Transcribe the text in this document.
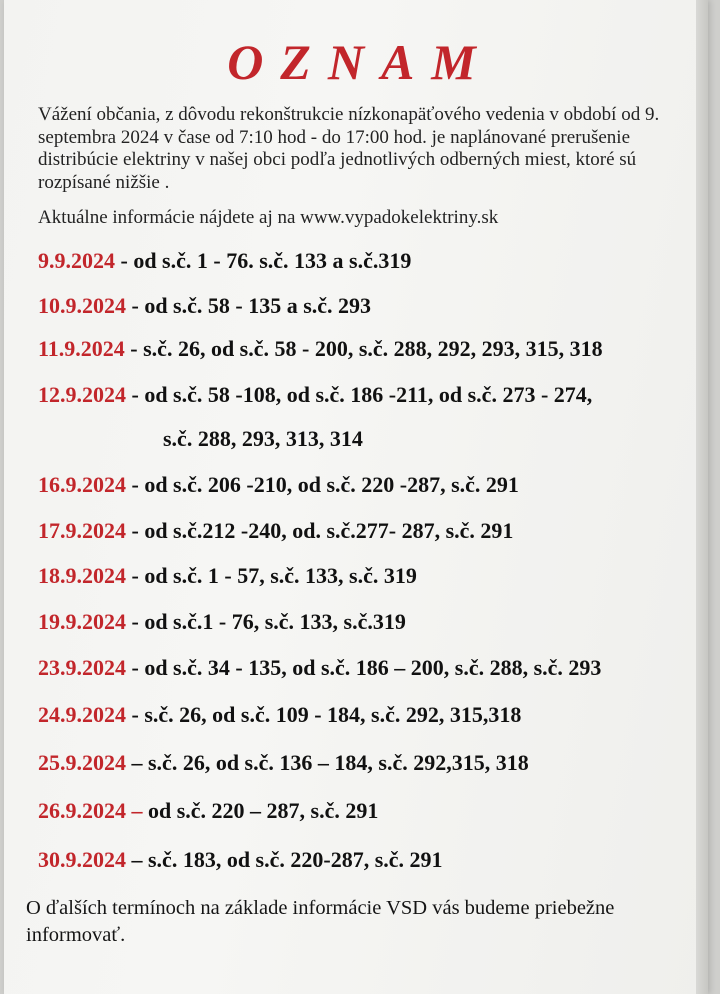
OZNAM
Vážení občania, z dôvodu rekonštrukcie nízkonapäťového vedenia v období od 9. septembra 2024 v čase od 7:10 hod - do 17:00 hod. je naplánované prerušenie distribúcie elektriny v našej obci podľa jednotlivých odberných miest, ktoré sú rozpísané nižšie .
Aktuálne informácie nájdete aj na www.vypadokelektriny.sk
9.9.2024 - od s.č. 1 - 76. s.č. 133 a s.č.319
10.9.2024 - od s.č. 58 - 135 a s.č. 293
11.9.2024 - s.č. 26, od s.č. 58 - 200, s.č. 288, 292, 293, 315, 318
12.9.2024 - od s.č. 58 -108, od s.č. 186 -211, od s.č. 273 - 274,
s.č. 288, 293, 313, 314
16.9.2024 - od s.č. 206 -210, od s.č. 220 -287, s.č. 291
17.9.2024 - od s.č.212 -240, od. s.č.277- 287, s.č. 291
18.9.2024 - od s.č. 1 - 57, s.č. 133, s.č. 319
19.9.2024 - od s.č.1 - 76, s.č. 133, s.č.319
23.9.2024 - od s.č. 34 - 135, od s.č. 186 – 200, s.č. 288, s.č. 293
24.9.2024 - s.č. 26, od s.č. 109 - 184, s.č. 292, 315,318
25.9.2024 – s.č. 26, od s.č. 136 – 184, s.č. 292,315, 318
26.9.2024 – od s.č. 220 – 287, s.č. 291
30.9.2024 – s.č. 183, od s.č. 220-287, s.č. 291
O ďalších termínoch na základe informácie VSD vás budeme priebežne informovať.
